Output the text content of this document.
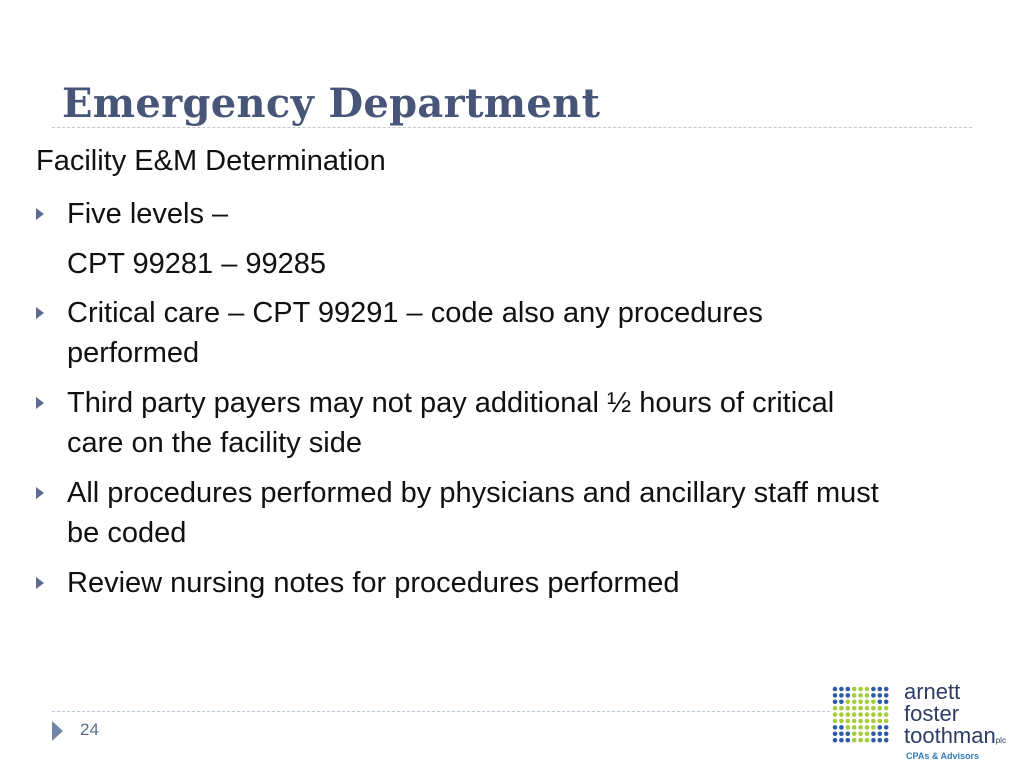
Emergency Department
Facility E&M Determination
Five levels –
CPT 99281 – 99285
Critical care – CPT 99291 – code also any procedures performed
Third party payers may not pay additional ½ hours of critical care on the facility side
All procedures performed by physicians and ancillary staff must be coded
Review nursing notes for procedures performed
24
arnett
foster
toothmanplc
CPAs & Advisors
